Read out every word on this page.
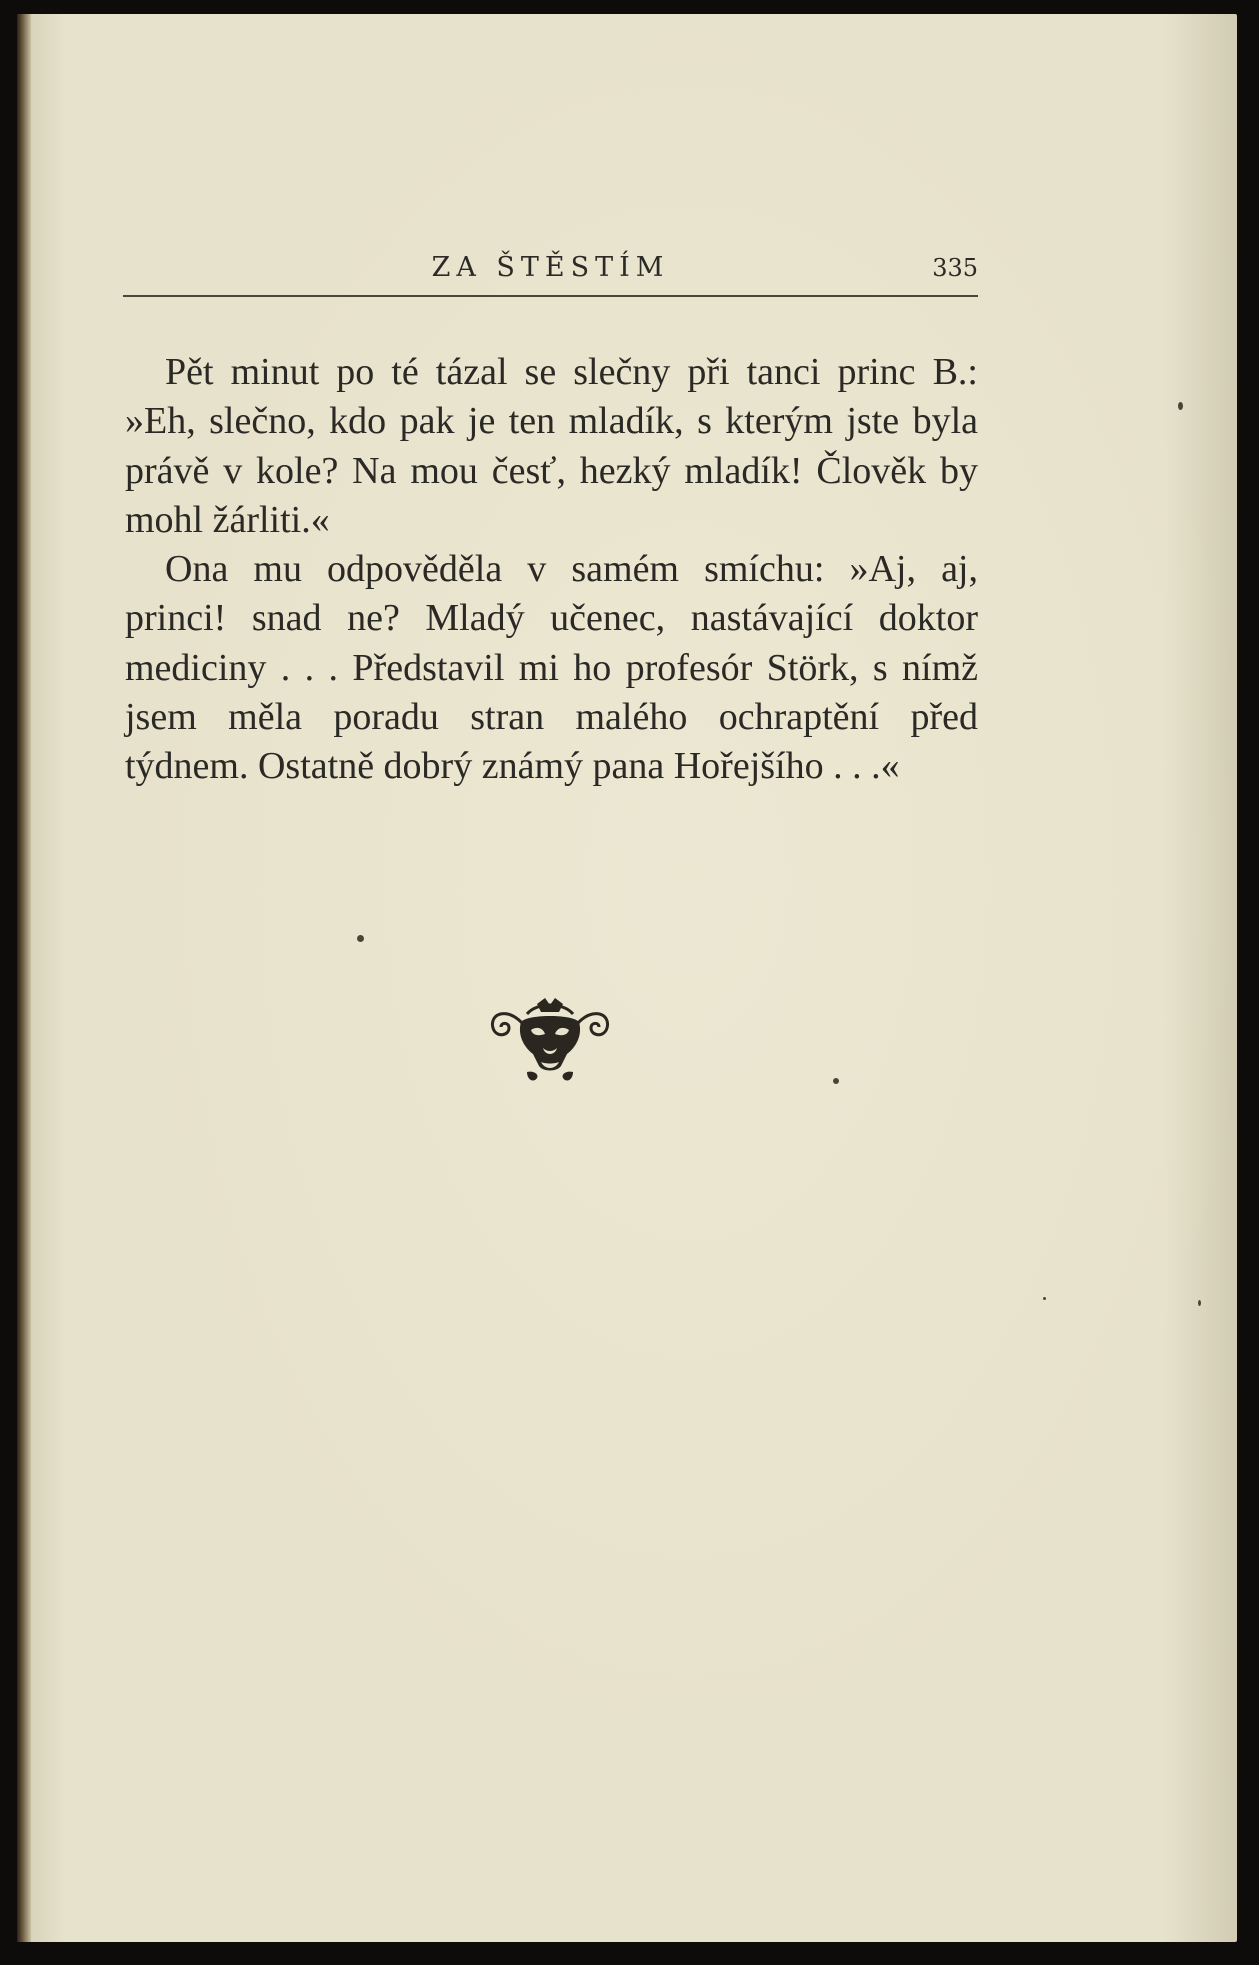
ZA ŠTĚSTÍM	335

Pět minut po té tázal se slečny při tanci princ B.: »Eh, slečno, kdo pak je ten mladík, s kterým jste byla právě v kole? Na mou česť, hezký mladík! Člověk by mohl žárliti.«

Ona mu odpověděla v samém smíchu: »Aj, aj, princi! snad ne? Mladý učenec, nastávající doktor mediciny . . . Představil mi ho profesór Störk, s nímž jsem měla poradu stran malého ochraptění před týdnem. Ostatně dobrý známý pana Hořejšího . . .«
